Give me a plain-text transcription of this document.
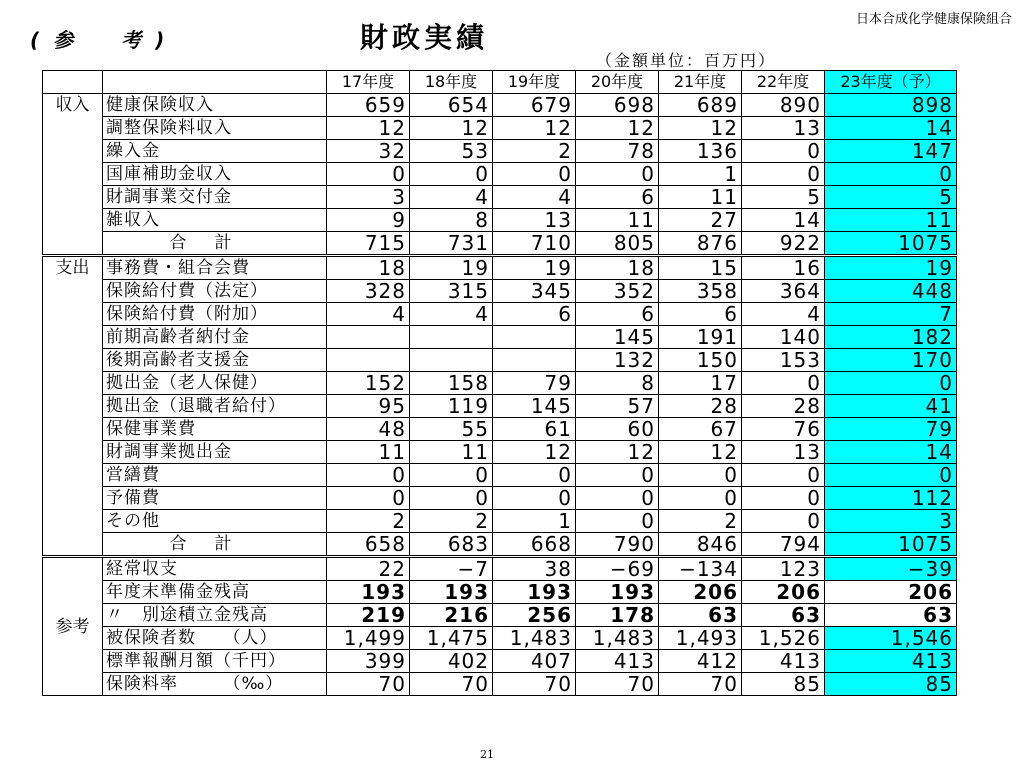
日本合成化学健康保険組合
(参　考)	財政実績
（金額単位：百万円）
		17年度	18年度	19年度	20年度	21年度	22年度	23年度（予）
収入	健康保険収入	659	654	679	698	689	890	898
	調整保険料収入	12	12	12	12	12	13	14
	繰入金	32	53	2	78	136	0	147
	国庫補助金収入	0	0	0	0	1	0	0
	財調事業交付金	3	4	4	6	11	5	5
	雑収入	9	8	13	11	27	14	11
	合計	715	731	710	805	876	922	1075
支出	事務費・組合会費	18	19	19	18	15	16	19
	保険給付費（法定）	328	315	345	352	358	364	448
	保険給付費（附加）	4	4	6	6	6	4	7
	前期高齢者納付金				145	191	140	182
	後期高齢者支援金				132	150	153	170
	拠出金（老人保健）	152	158	79	8	17	0	0
	拠出金（退職者給付）	95	119	145	57	28	28	41
	保健事業費	48	55	61	60	67	76	79
	財調事業拠出金	11	11	12	12	12	13	14
	営繕費	0	0	0	0	0	0	0
	予備費	0	0	0	0	0	0	112
	その他	2	2	1	0	2	0	3
	合計	658	683	668	790	846	794	1075
参考	経常収支	22	−7	38	−69	−134	123	−39
	年度末準備金残高	193	193	193	193	206	206	206
	〃　別途積立金残高	219	216	256	178	63	63	63
	被保険者数　　（人）	1,499	1,475	1,483	1,483	1,493	1,526	1,546
	標準報酬月額（千円）	399	402	407	413	412	413	413
	保険料率　　　（‰）	70	70	70	70	70	85	85
21
